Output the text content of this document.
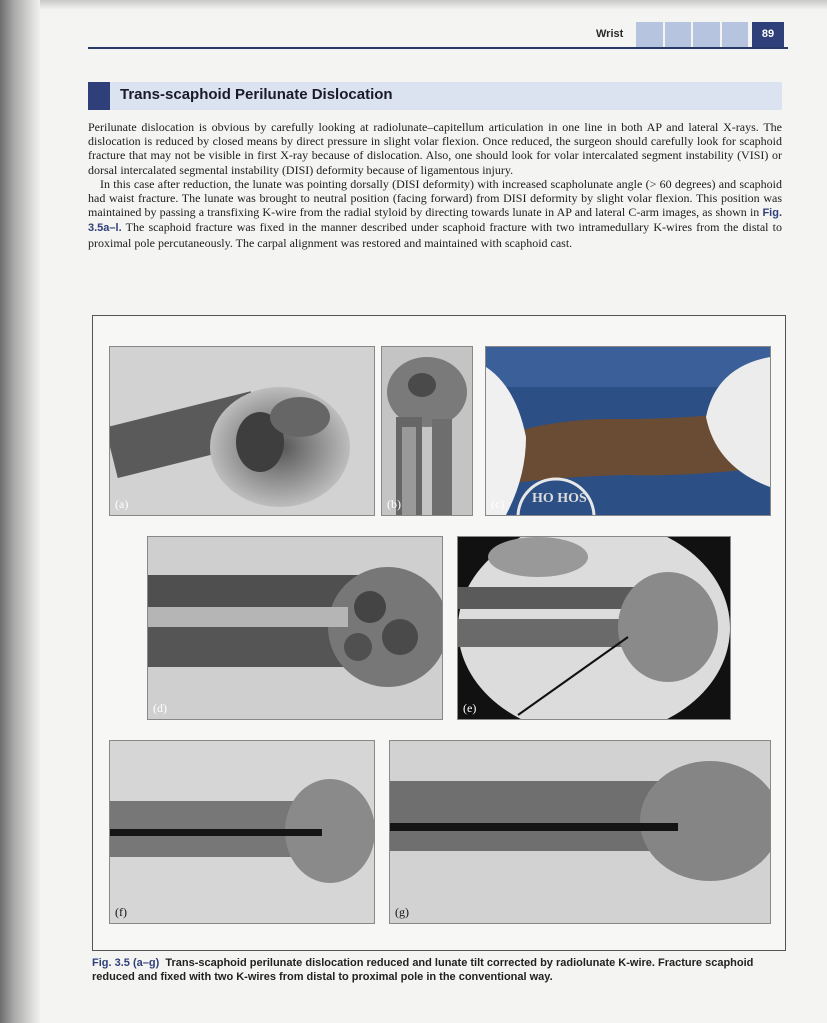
Wrist	89
Trans-scaphoid Perilunate Dislocation

Perilunate dislocation is obvious by carefully looking at radiolunate–capitellum articulation in one line in both AP and lateral X-rays. The dislocation is reduced by closed means by direct pressure in slight volar flexion. Once reduced, the surgeon should carefully look for scaphoid fracture that may not be visible in first X-ray because of dislocation. Also, one should look for volar intercalated segment instability (VISI) or dorsal intercalated segmental instability (DISI) deformity because of ligamentous injury.

In this case after reduction, the lunate was pointing dorsally (DISI deformity) with increased scapholunate angle (> 60 degrees) and scaphoid had waist fracture. The lunate was brought to neutral position (facing forward) from DISI deformity by slight volar flexion. This position was maintained by passing a transfixing K-wire from the radial styloid by directing towards lunate in AP and lateral C-arm images, as shown in Fig. 3.5a–l. The scaphoid fracture was fixed in the manner described under scaphoid fracture with two intramedullary K-wires from the distal to proximal pole percutaneously. The carpal alignment was restored and maintained with scaphoid cast.

(a)	(b)	HO HOS
(c)
(d)	(e)
(f)	(g)
Fig. 3.5 (a–g) Trans-scaphoid perilunate dislocation reduced and lunate tilt corrected by radiolunate K-wire. Fracture scaphoid reduced and fixed with two K-wires from distal to proximal pole in the conventional way.
